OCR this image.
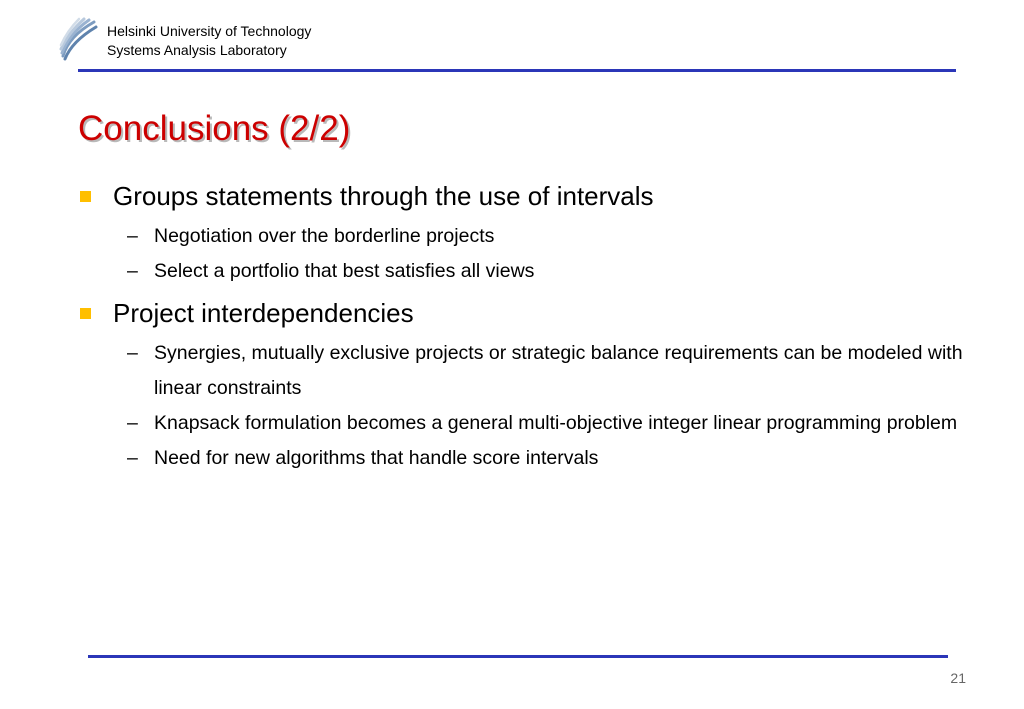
Helsinki University of Technology
Systems Analysis Laboratory
Conclusions (2/2)
Groups statements through the use of intervals
– Negotiation over the borderline projects
– Select a portfolio that best satisfies all views
Project interdependencies
– Synergies, mutually exclusive projects or strategic balance requirements can be modeled with linear constraints
– Knapsack formulation becomes a general multi-objective integer linear programming problem
– Need for new algorithms that handle score intervals
21
